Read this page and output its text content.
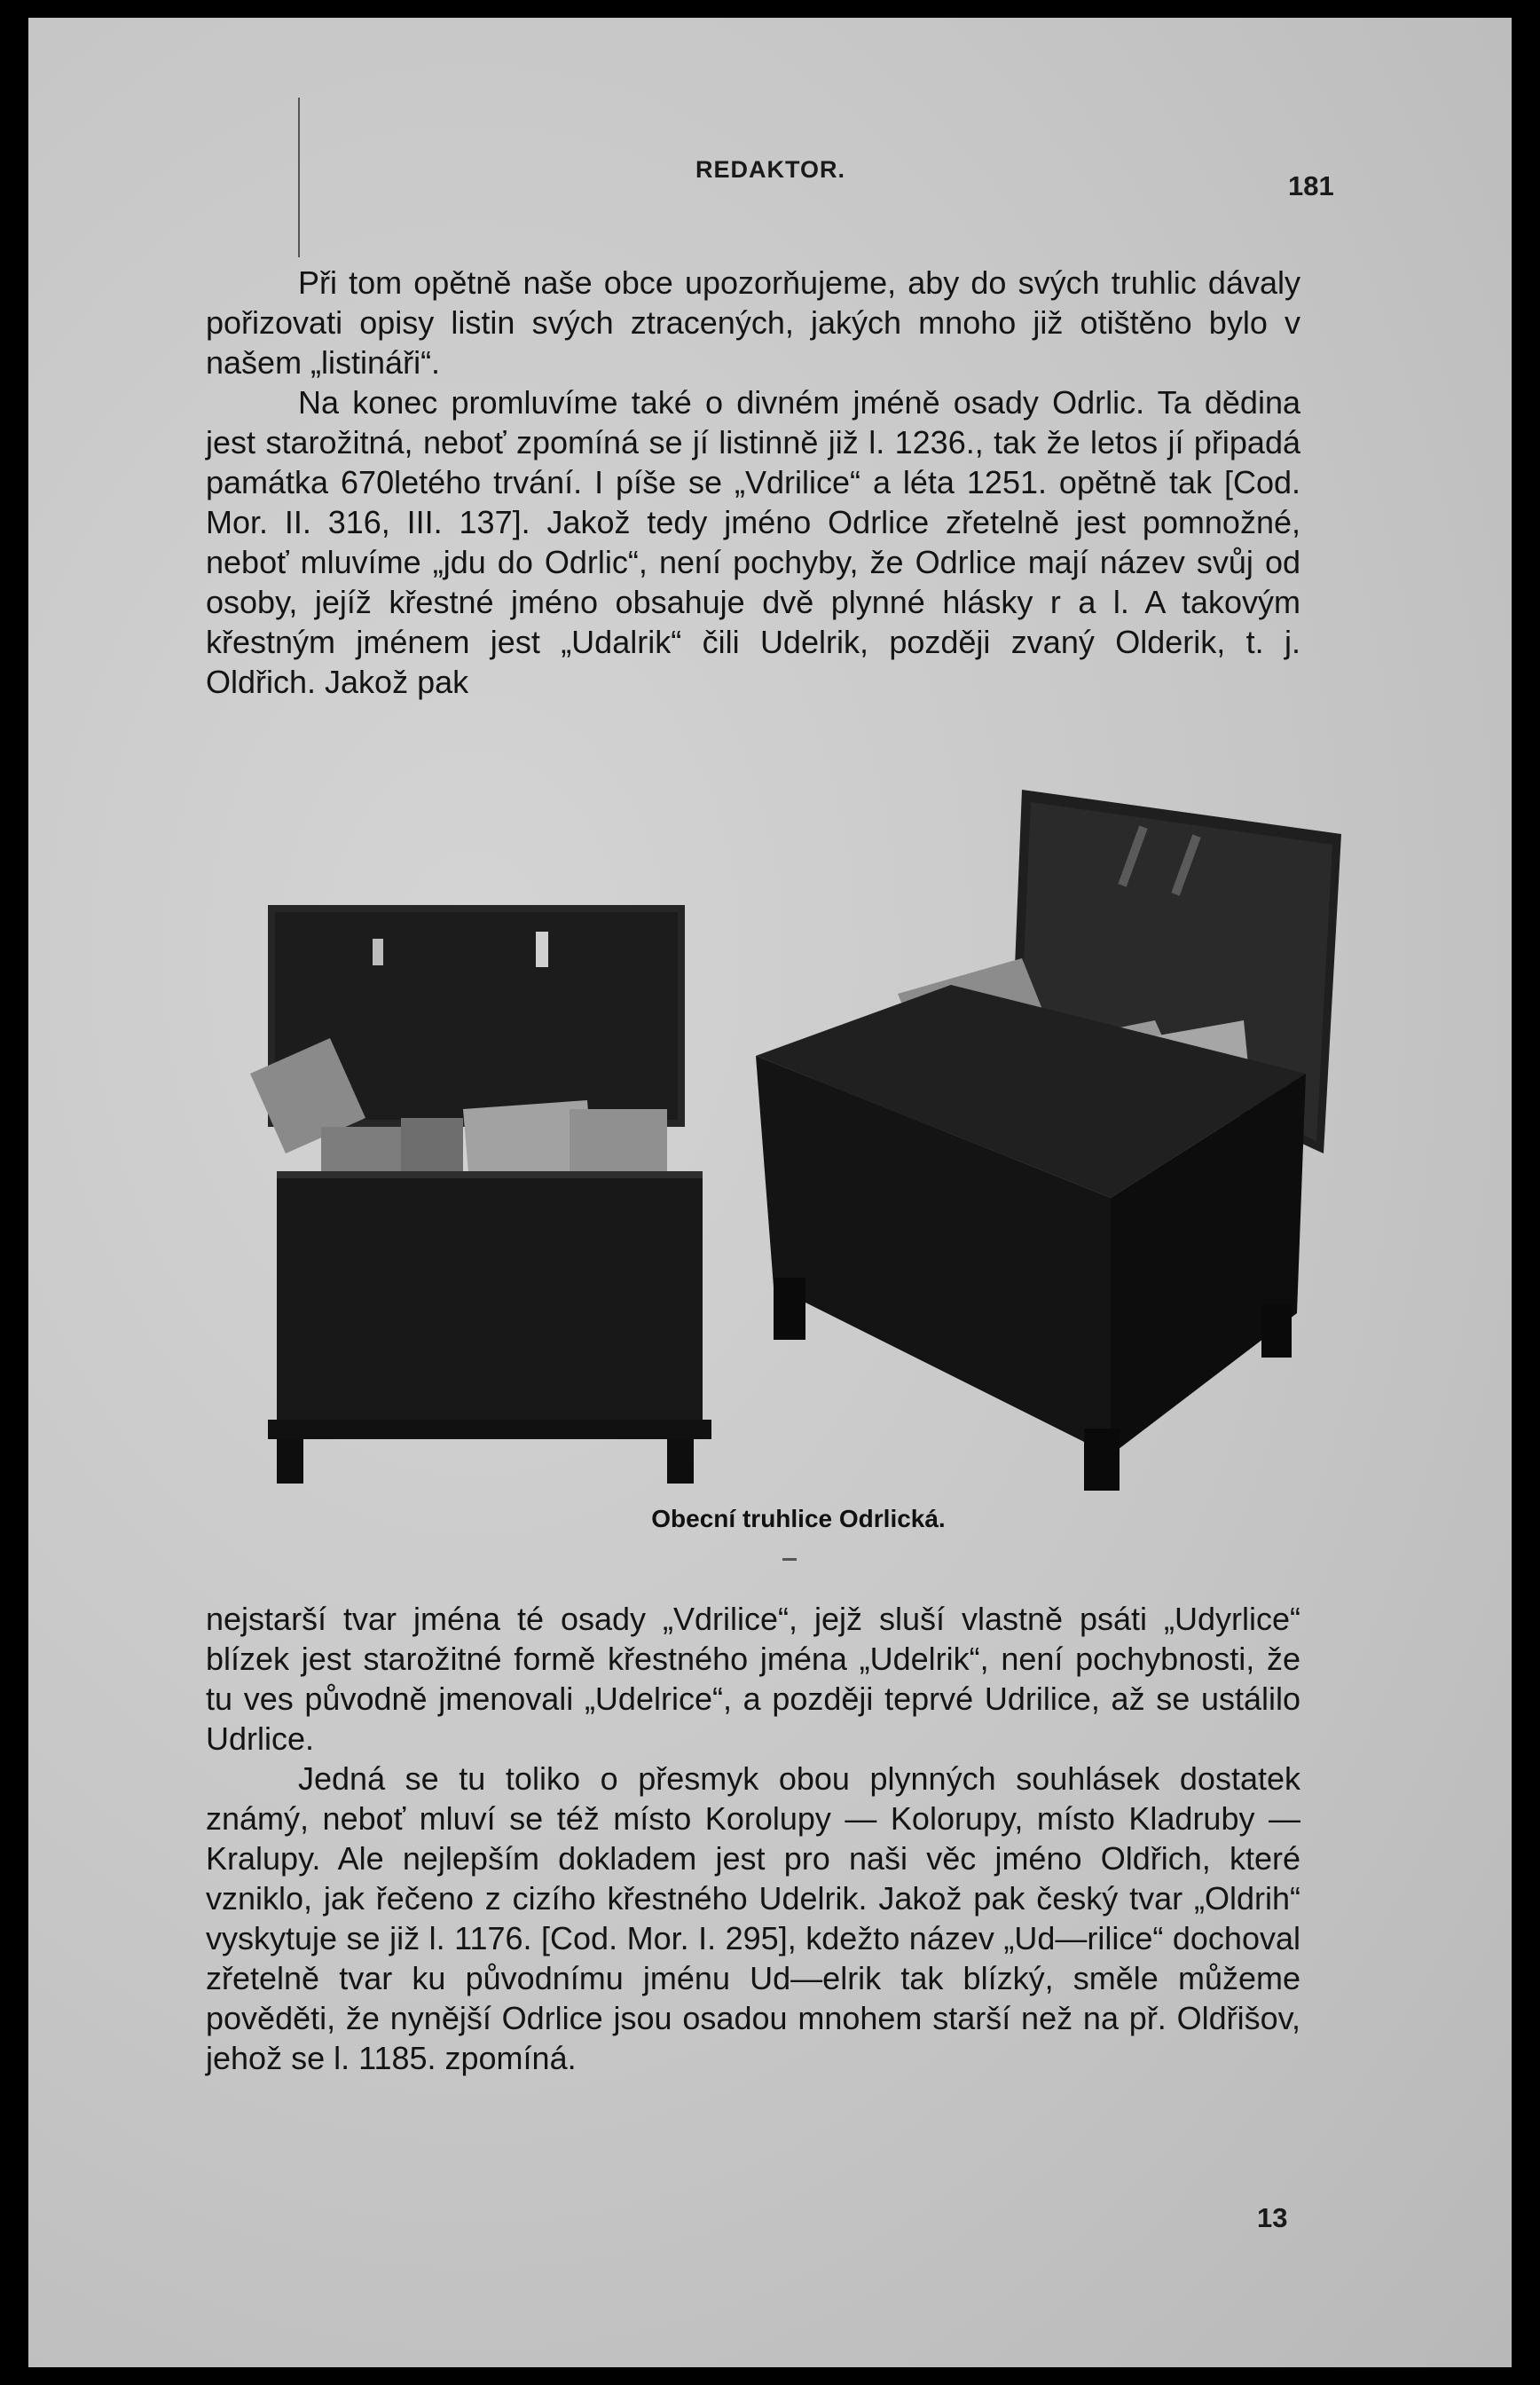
REDAKTOR.
181

Při tom opětně naše obce upozorňujeme, aby do svých truhlic dávaly pořizovati opisy listin svých ztracených, jakých mnoho již otištěno bylo v našem „listináři“.

Na konec promluvíme také o divném jméně osady Odrlic. Ta dědina jest starožitná, neboť zpomíná se jí listinně již l. 1236., tak že letos jí připadá památka 670letého trvání. I píše se „Vdrilice“ a léta 1251. opětně tak [Cod. Mor. II. 316, III. 137]. Jakož tedy jméno Odrlice zřetelně jest pomnožné, neboť mluvíme „jdu do Odrlic“, není pochyby, že Odrlice mají název svůj od osoby, jejíž křestné jméno obsahuje dvě plynné hlásky r a l. A takovým křestným jménem jest „Udalrik“ čili Udelrik, později zvaný Olderik, t. j. Oldřich. Jakož pak

Obecní truhlice Odrlická.

nejstarší tvar jména té osady „Vdrilice“, jejž sluší vlastně psáti „Udyrlice“ blízek jest starožitné formě křestného jména „Udelrik“, není pochybnosti, že tu ves původně jmenovali „Udelrice“, a později teprvé Udrilice, až se ustálilo Udrlice.

Jedná se tu toliko o přesmyk obou plynných souhlásek dostatek známý, neboť mluví se též místo Korolupy — Kolorupy, místo Kladruby — Kralupy. Ale nejlepším dokladem jest pro naši věc jméno Oldřich, které vzniklo, jak řečeno z cizího křestného Udelrik. Jakož pak český tvar „Oldrih“ vyskytuje se již l. 1176. [Cod. Mor. I. 295], kdežto název „Ud—rilice“ dochoval zřetelně tvar ku původnímu jménu Ud—elrik tak blízký, směle můžeme pověděti, že nynější Odrlice jsou osadou mnohem starší než na př. Oldřišov, jehož se l. 1185. zpomíná.

13
